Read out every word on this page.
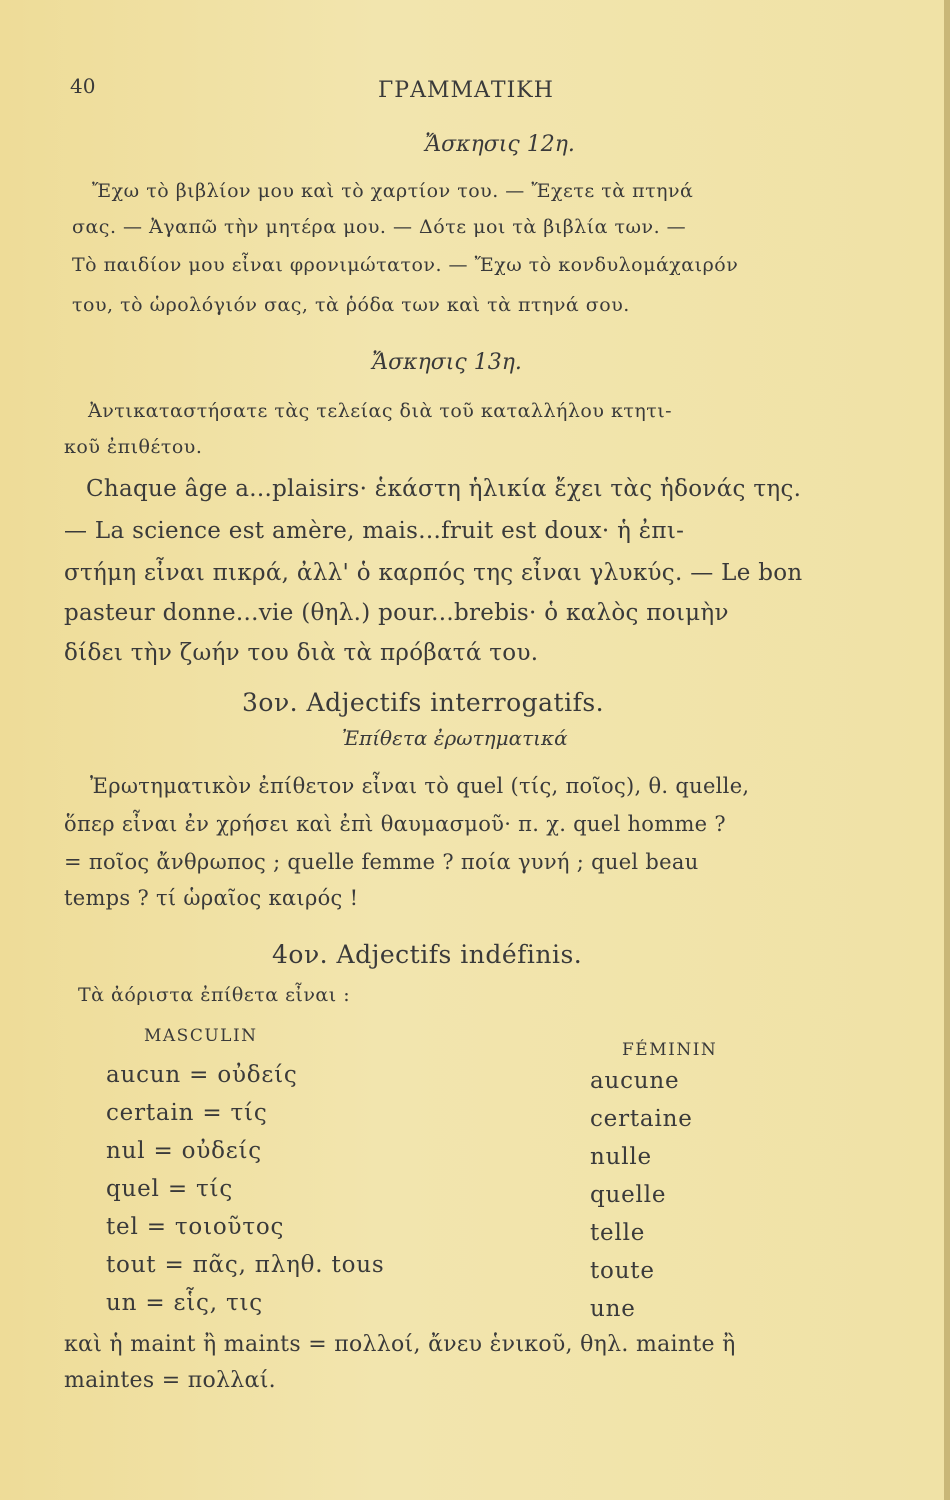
40	ΓΡΑΜΜΑΤΙΚΗ
Ἄσκησις 12η.
Ἔχω τὸ βιβλίον μου καὶ τὸ χαρτίον του. — Ἔχετε τὰ πτηνά
σας. — Ἀγαπῶ τὴν μητέρα μου. — Δότε μοι τὰ βιβλία των. —
Τὸ παιδίον μου εἶναι φρονιμώτατον. — Ἔχω τὸ κονδυλομάχαιρόν
του, τὸ ὡρολόγιόν σας, τὰ ῥόδα των καὶ τὰ πτηνά σου.
Ἄσκησις 13η.
Ἀντικαταστήσατε τὰς τελείας διὰ τοῦ καταλλήλου κτητι-
κοῦ ἐπιθέτου.
Chaque âge a...plaisirs· ἑκάστη ἡλικία ἔχει τὰς ἡδονάς της.
— La science est amère, mais...fruit est doux· ἡ ἐπι-
στήμη εἶναι πικρά, ἀλλ' ὁ καρπός της εἶναι γλυκύς. — Le bon
pasteur donne...vie (θηλ.) pour...brebis· ὁ καλὸς ποιμὴν
δίδει τὴν ζωήν του διὰ τὰ πρόβατά του.
3ον. Adjectifs interrogatifs.
Ἐπίθετα ἐρωτηματικά
Ἐρωτηματικὸν ἐπίθετον εἶναι τὸ quel (τίς, ποῖος), θ. quelle,
ὅπερ εἶναι ἐν χρήσει καὶ ἐπὶ θαυμασμοῦ· π. χ. quel homme ?
= ποῖος ἄνθρωπος ; quelle femme ? ποία γυνή ; quel beau
temps ? τί ὡραῖος καιρός !
4ον. Adjectifs indéfinis.
Τὰ ἀόριστα ἐπίθετα εἶναι :
MASCULIN
FÉMININ
aucun = οὐδείς
certain = τίς
nul = οὐδείς
quel = τίς
tel = τοιοῦτος
tout = πᾶς, πληθ. tous
un = εἷς, τις
aucune
certaine
nulle
quelle
telle
toute
une
καὶ ἡ maint ἢ maints = πολλοί, ἄνευ ἑνικοῦ, θηλ. mainte ἢ
maintes = πολλαί.
